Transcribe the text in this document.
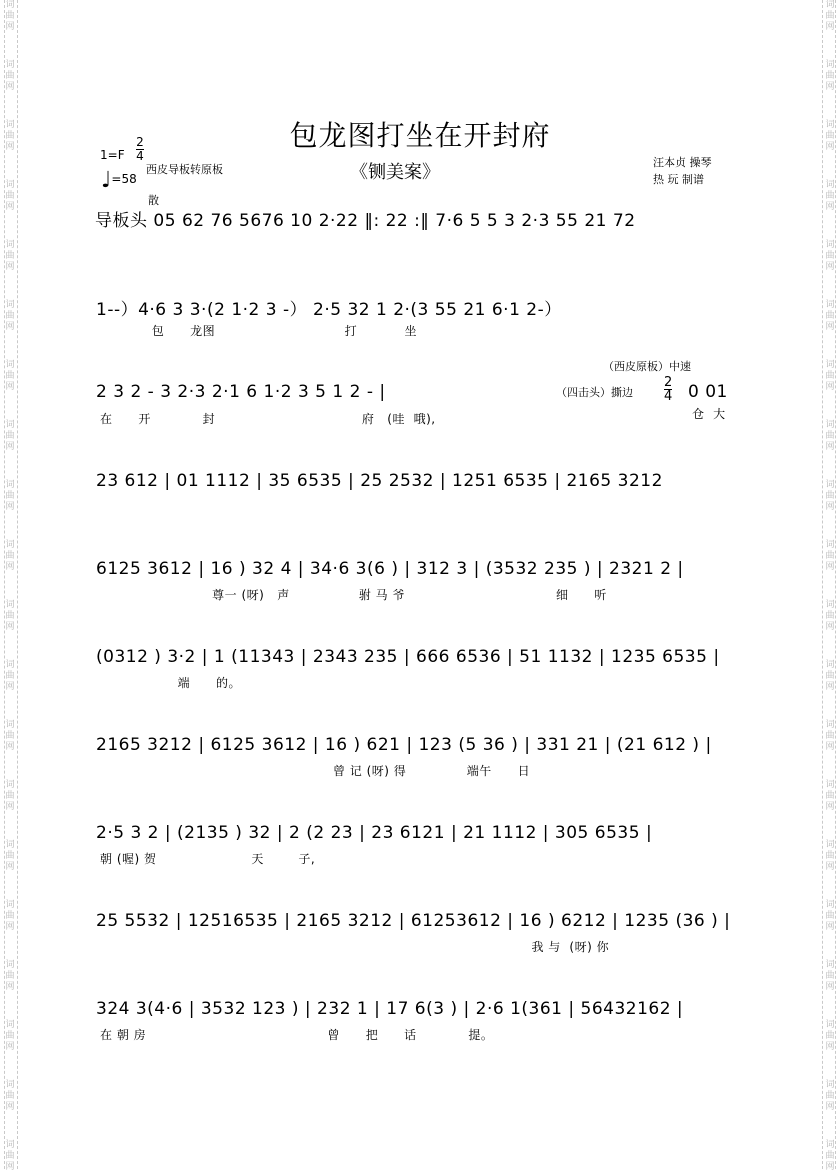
词
曲
网
词
曲
网
词
曲
网
词
曲
网
词
曲
网
词
曲
网
词
曲
网
词
曲
网
词
曲
网
词
曲
网
词
曲
网
词
曲
网
词
曲
网
词
曲
网
词
曲
网
词
曲
网
词
曲
网
词
曲
网
词
曲
网
词
曲
网
词
曲
网
词
曲
网
词
曲
网
词
曲
网
词
曲
网
词
曲
网
词
曲
网
词
曲
网
词
曲
网
词
曲
网
词
曲
网
词
曲
网
词
曲
网
词
曲
网
词
曲
网
词
曲
网
词
曲
网
词
曲
网
词
曲
网
词
曲
网
包龙图打坐在开封府
《铡美案》
1=F
2
4
♩=58
西皮导板转原板
散
汪本贞 操琴
热 玩 制谱
导板头 05 62 76 5676 10 2·22 ‖: 22 :‖ 7·6 5 5 3 2·3 55 21 72
1--）4·6 3 3·(2 1·2 3 -） 2·5 32 1 2·(3 55 21 6·1 2-）
包      龙图                              打           坐
（西皮原板）中速
2 3 2 - 3 2·3 2·1 6 1·2 3 5 1 2 - |
在      开            封                                  府   (哇  哦),
（四击头）撕边
2
4 0 01
仓  大
23 612 | 01 1112 | 35 6535 | 25 2532 | 1251 6535 | 2165 3212
6125 3612 | 16 ) 32 4 | 34·6 3(6 ) | 312 3 | (3532 235 ) | 2321 2 |
尊一 (呀)   声                驸 马 爷                                   细      听
(0312 ) 3·2 | 1 (11343 | 2343 235 | 666 6536 | 51 1132 | 1235 6535 |
端      的。
2165 3212 | 6125 3612 | 16 ) 621 | 123 (5 36 ) | 331 21 | (21 612 ) |
曾 记 (呀) 得              端午      日
2·5 3 2 | (2135 ) 32 | 2 (2 23 | 23 6121 | 21 1112 | 305 6535 |
朝 (喔) 贺                      天        子,
25 5532 | 12516535 | 2165 3212 | 61253612 | 16 ) 6212 | 1235 (36 ) |
我 与  (呀) 你
324 3(4·6 | 3532 123 ) | 232 1 | 17 6(3 ) | 2·6 1(361 | 56432162 |
在 朝 房                                          曾      把      话            提。
